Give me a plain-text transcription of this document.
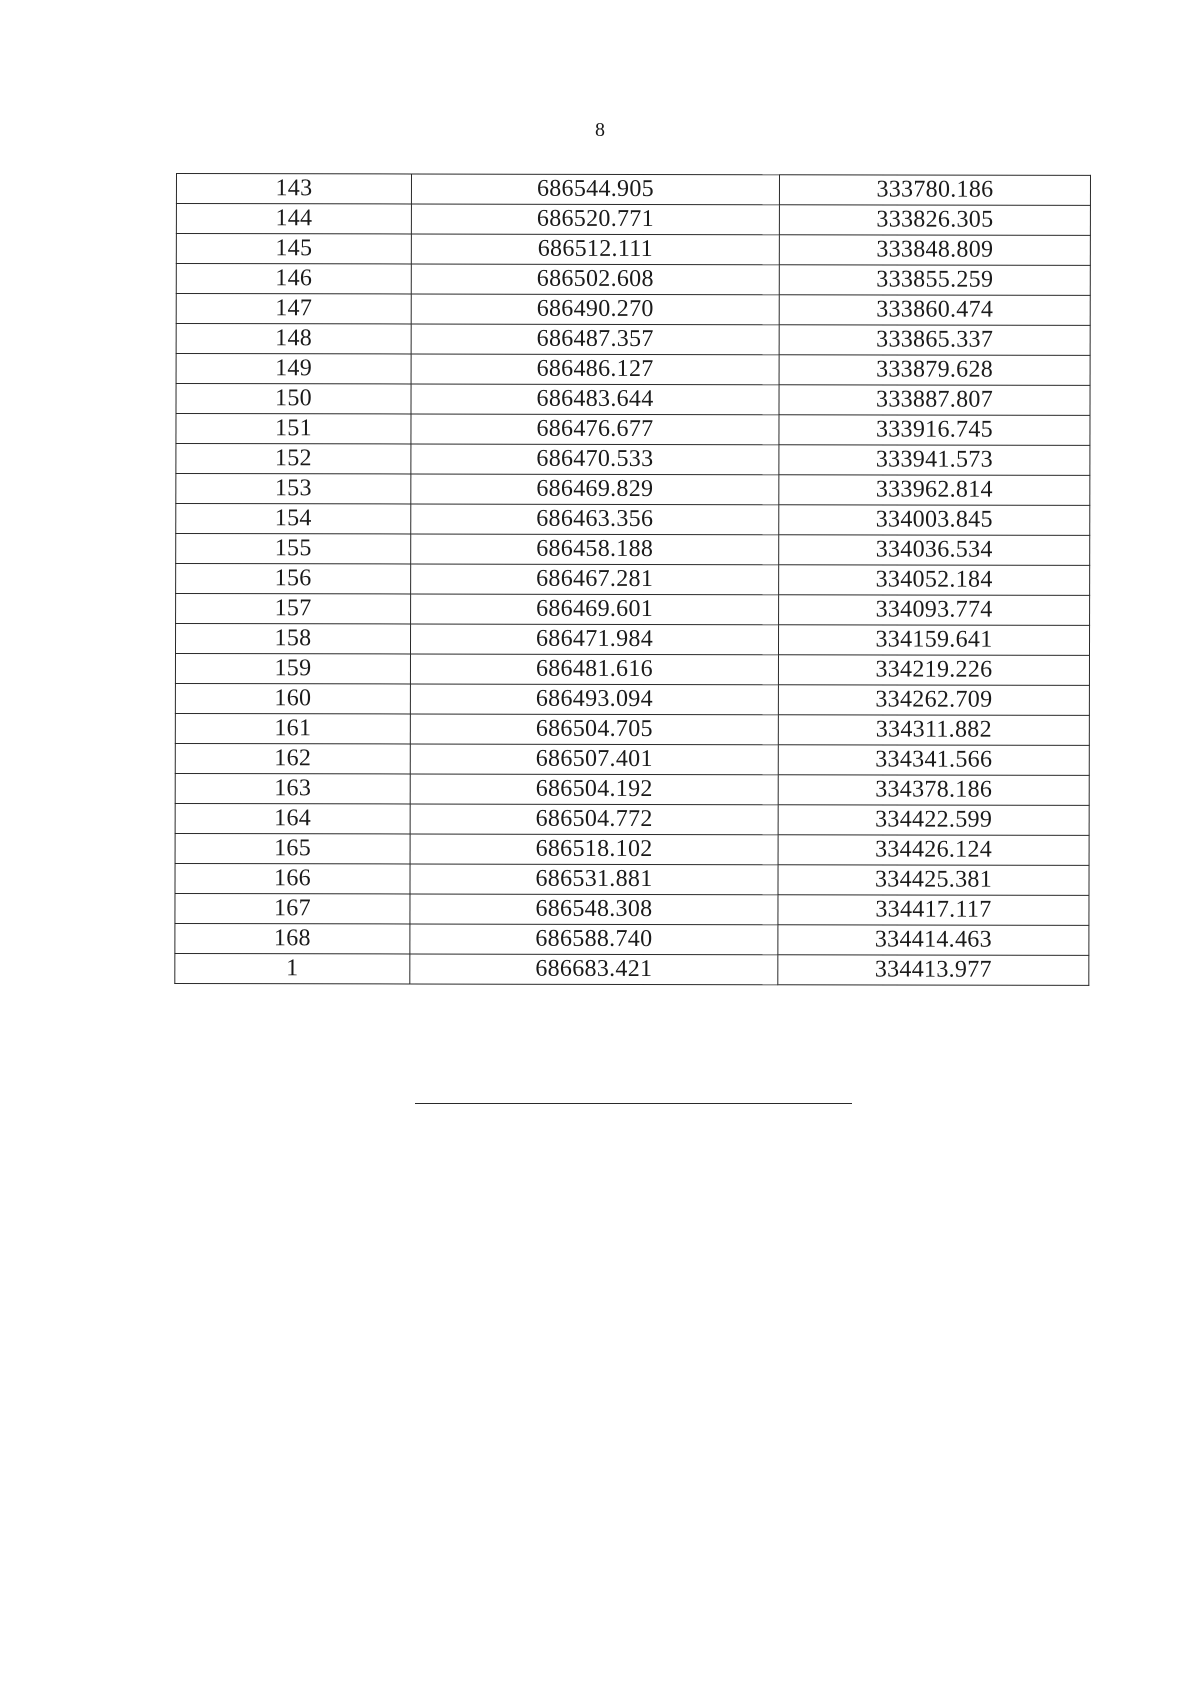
8
143	686544.905	333780.186
144	686520.771	333826.305
145	686512.111	333848.809
146	686502.608	333855.259
147	686490.270	333860.474
148	686487.357	333865.337
149	686486.127	333879.628
150	686483.644	333887.807
151	686476.677	333916.745
152	686470.533	333941.573
153	686469.829	333962.814
154	686463.356	334003.845
155	686458.188	334036.534
156	686467.281	334052.184
157	686469.601	334093.774
158	686471.984	334159.641
159	686481.616	334219.226
160	686493.094	334262.709
161	686504.705	334311.882
162	686507.401	334341.566
163	686504.192	334378.186
164	686504.772	334422.599
165	686518.102	334426.124
166	686531.881	334425.381
167	686548.308	334417.117
168	686588.740	334414.463
1	686683.421	334413.977
